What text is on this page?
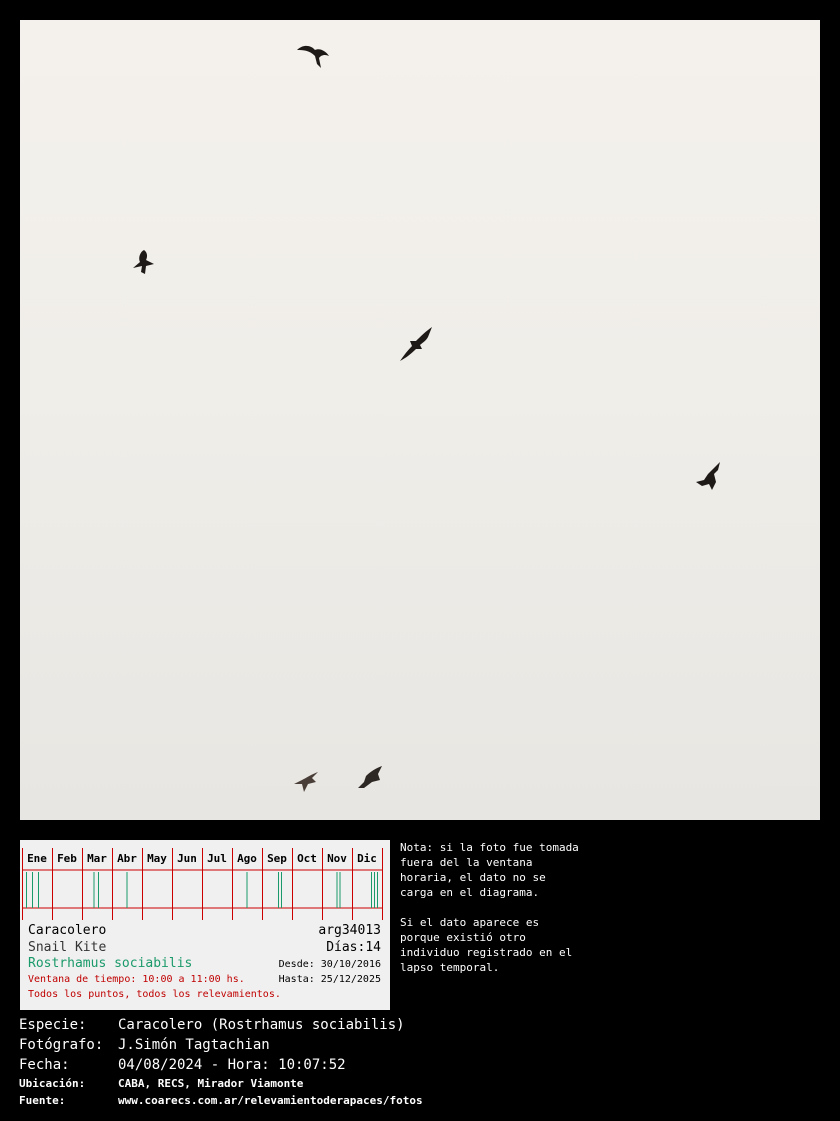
Ene Feb Mar Abr May Jun Jul Ago Sep Oct Nov Dic
Caracolero
Snail Kite
Rostrhamus sociabilis
arg34013
Días:14
Desde: 30/10/2016
Hasta: 25/12/2025
Ventana de tiempo: 10:00 a 11:00 hs.
Todos los puntos, todos los relevamientos.

Nota: si la foto fue tomada fuera del la ventana horaria, el dato no se carga en el diagrama.

Si el dato aparece es porque existió otro individuo registrado en el lapso temporal.

Especie: Caracolero (Rostrhamus sociabilis)
Fotógrafo: J.Simón Tagtachian
Fecha:	04/08/2024 - Hora: 10:07:52
Ubicación:	CABA, RECS, Mirador Viamonte
Fuente:	www.coarecs.com.ar/relevamientoderapaces/fotos
